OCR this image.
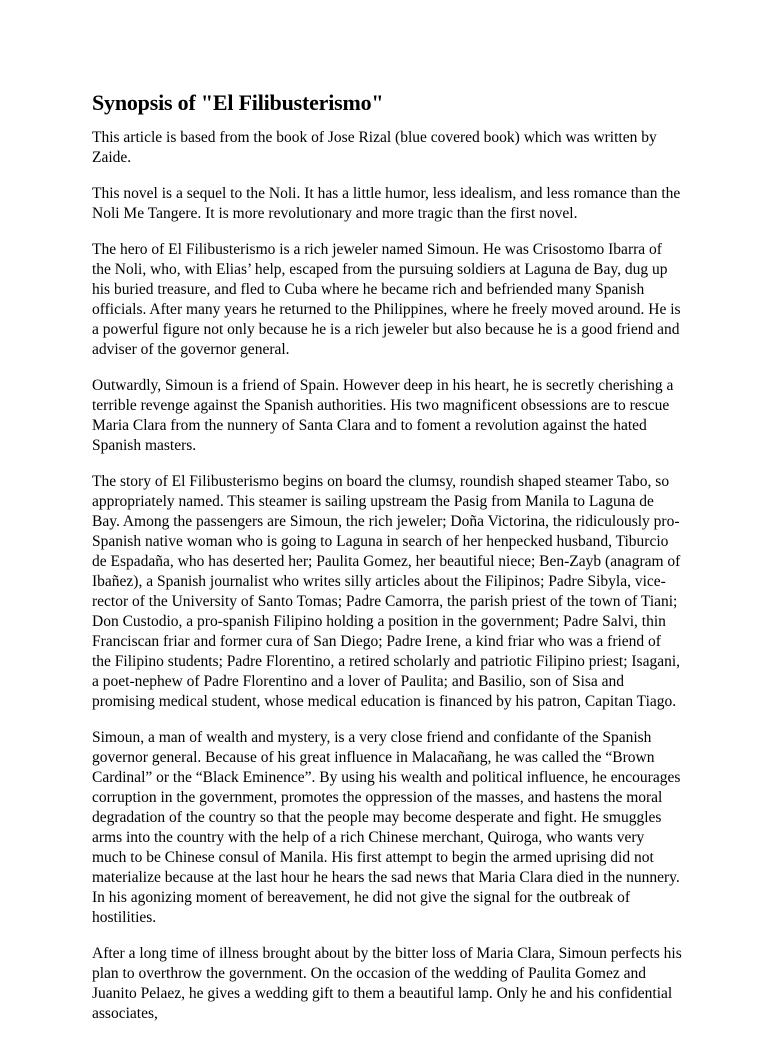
Synopsis of "El Filibusterismo"

This article is based from the book of Jose Rizal (blue covered book) which was written by Zaide.

This novel is a sequel to the Noli. It has a little humor, less idealism, and less romance than the Noli Me Tangere. It is more revolutionary and more tragic than the first novel.

The hero of El Filibusterismo is a rich jeweler named Simoun. He was Crisostomo Ibarra of the Noli, who, with Elias’ help, escaped from the pursuing soldiers at Laguna de Bay, dug up his buried treasure, and fled to Cuba where he became rich and befriended many Spanish officials. After many years he returned to the Philippines, where he freely moved around. He is a powerful figure not only because he is a rich jeweler but also because he is a good friend and adviser of the governor general.

Outwardly, Simoun is a friend of Spain. However deep in his heart, he is secretly cherishing a terrible revenge against the Spanish authorities. His two magnificent obsessions are to rescue Maria Clara from the nunnery of Santa Clara and to foment a revolution against the hated Spanish masters.

The story of El Filibusterismo begins on board the clumsy, roundish shaped steamer Tabo, so appropriately named. This steamer is sailing upstream the Pasig from Manila to Laguna de Bay. Among the passengers are Simoun, the rich jeweler; Doña Victorina, the ridiculously pro-Spanish native woman who is going to Laguna in search of her henpecked husband, Tiburcio de Espadaña, who has deserted her; Paulita Gomez, her beautiful niece; Ben-Zayb (anagram of Ibañez), a Spanish journalist who writes silly articles about the Filipinos; Padre Sibyla, vice-rector of the University of Santo Tomas; Padre Camorra, the parish priest of the town of Tiani; Don Custodio, a pro-spanish Filipino holding a position in the government; Padre Salvi, thin Franciscan friar and former cura of San Diego; Padre Irene, a kind friar who was a friend of the Filipino students; Padre Florentino, a retired scholarly and patriotic Filipino priest; Isagani, a poet-nephew of Padre Florentino and a lover of Paulita; and Basilio, son of Sisa and promising medical student, whose medical education is financed by his patron, Capitan Tiago.

Simoun, a man of wealth and mystery, is a very close friend and confidante of the Spanish governor general. Because of his great influence in Malacañang, he was called the “Brown Cardinal” or the “Black Eminence”. By using his wealth and political influence, he encourages corruption in the government, promotes the oppression of the masses, and hastens the moral degradation of the country so that the people may become desperate and fight. He smuggles arms into the country with the help of a rich Chinese merchant, Quiroga, who wants very much to be Chinese consul of Manila. His first attempt to begin the armed uprising did not materialize because at the last hour he hears the sad news that Maria Clara died in the nunnery. In his agonizing moment of bereavement, he did not give the signal for the outbreak of hostilities.

After a long time of illness brought about by the bitter loss of Maria Clara, Simoun perfects his plan to overthrow the government. On the occasion of the wedding of Paulita Gomez and Juanito Pelaez, he gives a wedding gift to them a beautiful lamp. Only he and his confidential associates,
